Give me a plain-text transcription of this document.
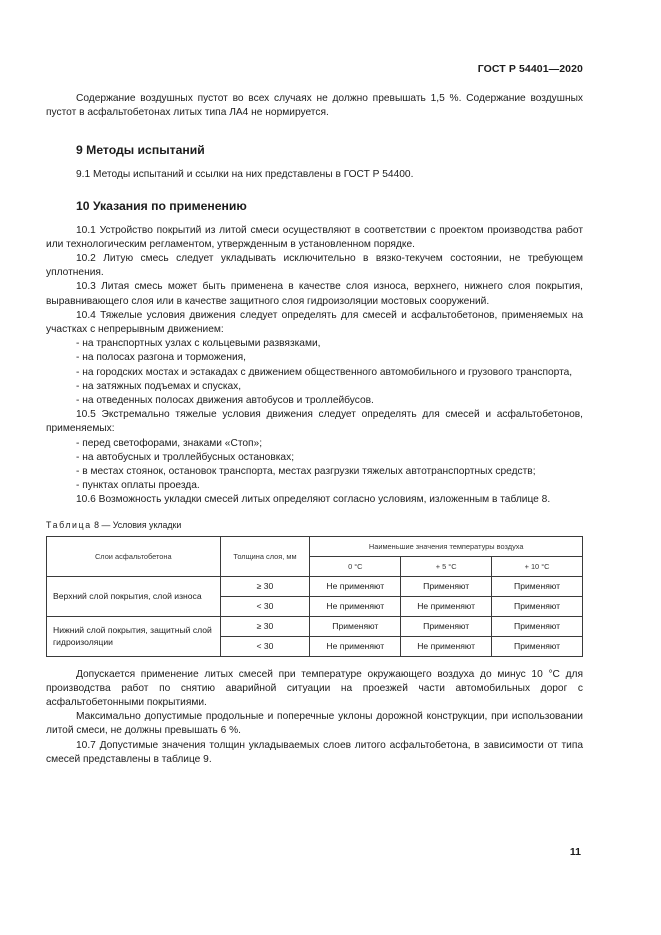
ГОСТ Р 54401—2020

Содержание воздушных пустот во всех случаях не должно превышать 1,5 %. Содержание воздушных пустот в асфальтобетонах литых типа ЛА4 не нормируется.

9 Методы испытаний

9.1 Методы испытаний и ссылки на них представлены в ГОСТ Р 54400.

10 Указания по применению

10.1 Устройство покрытий из литой смеси осуществляют в соответствии с проектом производства работ или технологическим регламентом, утвержденным в установленном порядке.

10.2 Литую смесь следует укладывать исключительно в вязко-текучем состоянии, не требующем уплотнения.

10.3 Литая смесь может быть применена в качестве слоя износа, верхнего, нижнего слоя покрытия, выравнивающего слоя или в качестве защитного слоя гидроизоляции мостовых сооружений.

10.4 Тяжелые условия движения следует определять для смесей и асфальтобетонов, применяемых на участках с непрерывным движением:

- на транспортных узлах с кольцевыми развязками,

- на полосах разгона и торможения,

- на городских мостах и эстакадах с движением общественного автомобильного и грузового транспорта,

- на затяжных подъемах и спусках,

- на отведенных полосах движения автобусов и троллейбусов.

10.5 Экстремально тяжелые условия движения следует определять для смесей и асфальтобетонов, применяемых:

- перед светофорами, знаками «Стоп»;

- на автобусных и троллейбусных остановках;

- в местах стоянок, остановок транспорта, местах разгрузки тяжелых автотранспортных средств;

- пунктах оплаты проезда.

10.6 Возможность укладки смесей литых определяют согласно условиям, изложенным в таблице 8.

Таблица 8 — Условия укладки
Слои асфальтобетона	Толщина слоя, мм	Наименьшие значения температуры воздуха		
		0 °C	+ 5 °C	+ 10 °C
Верхний слой покрытия, слой износа	≥ 30	Не применяют	Применяют	Применяют
	< 30	Не применяют	Не применяют	Применяют
Нижний слой покрытия, защитный слой гидроизоляции	≥ 30	Применяют	Применяют	Применяют
	< 30	Не применяют	Не применяют	Применяют

Допускается применение литых смесей при температуре окружающего воздуха до минус 10 °С для производства работ по снятию аварийной ситуации на проезжей части автомобильных дорог с асфальтобетонными покрытиями.

Максимально допустимые продольные и поперечные уклоны дорожной конструкции, при использовании литой смеси, не должны превышать 6 %.

10.7 Допустимые значения толщин укладываемых слоев литого асфальтобетона, в зависимости от типа смесей представлены в таблице 9.

11
